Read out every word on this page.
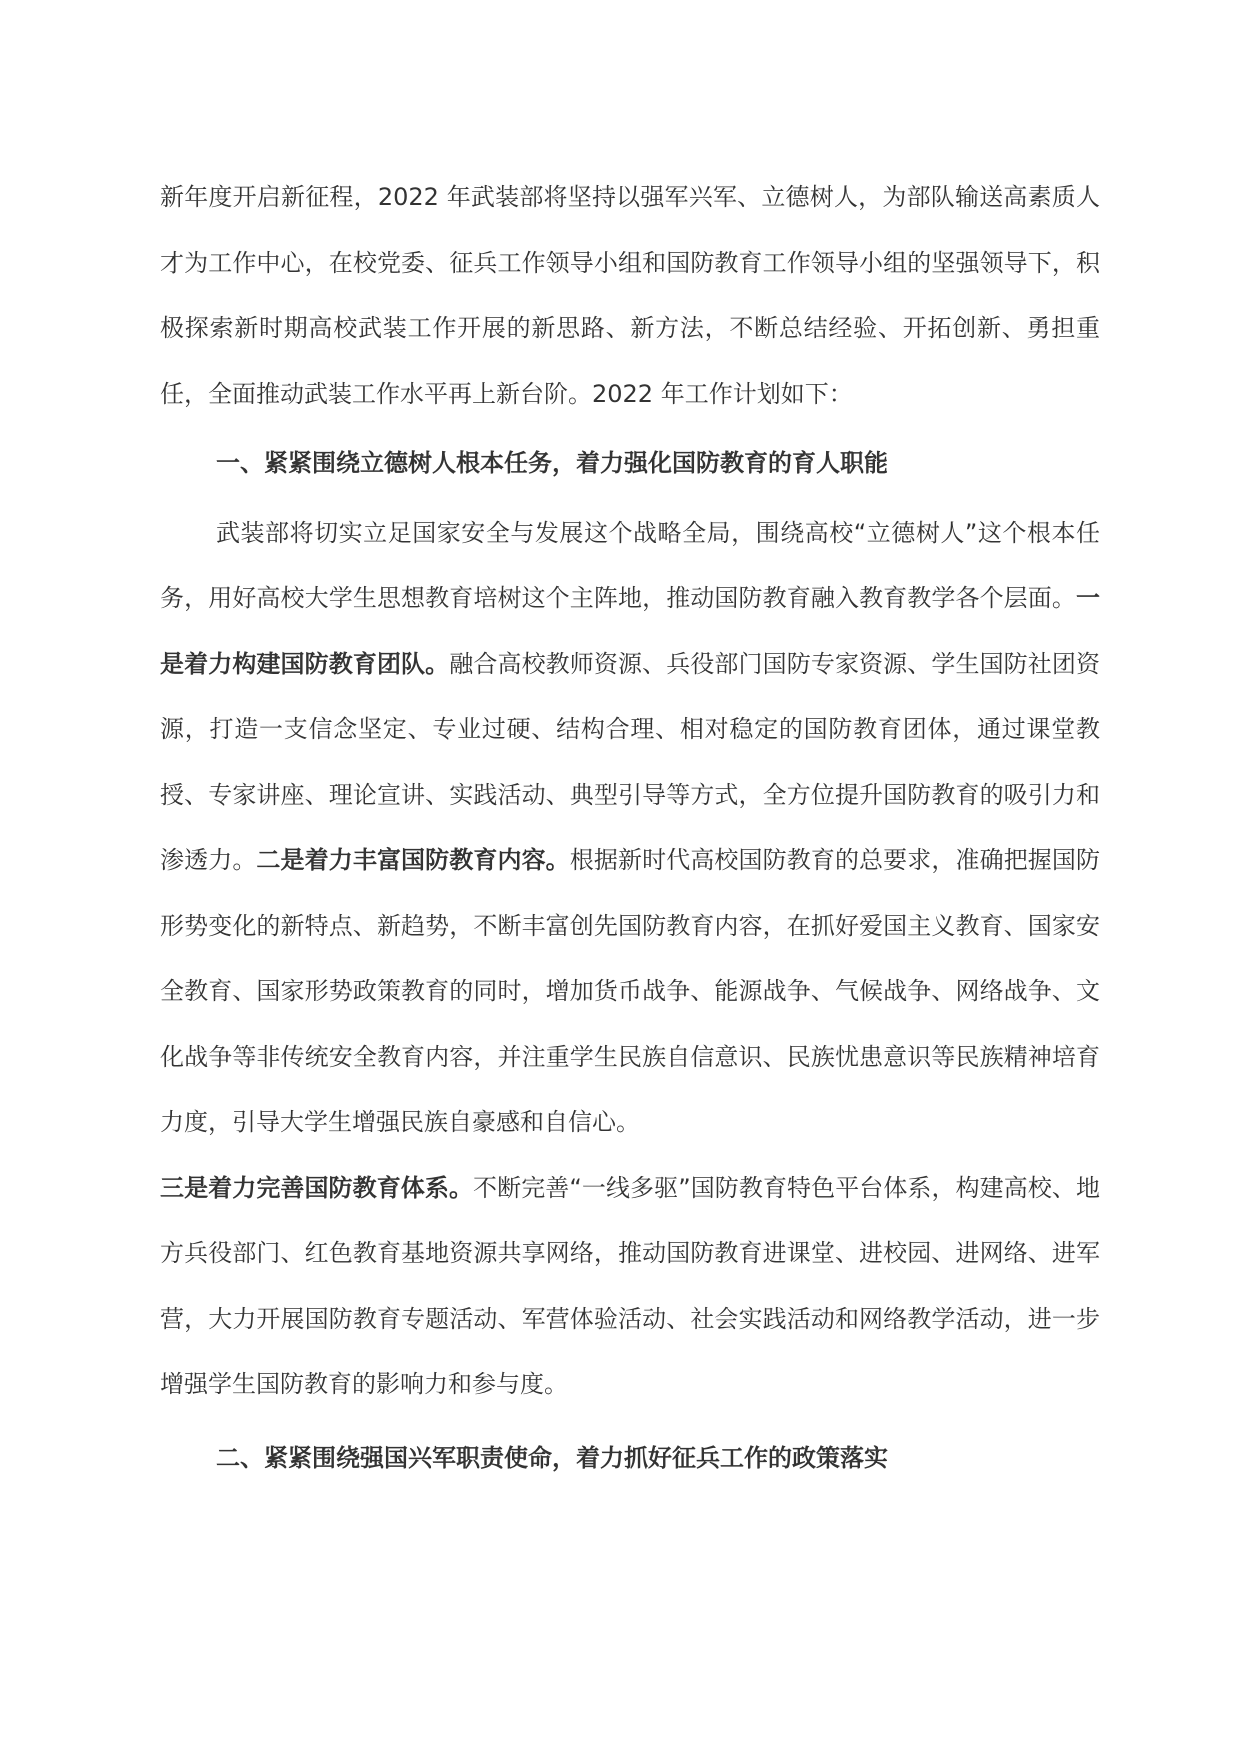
新年度开启新征程，2022 年武装部将坚持以强军兴军、立德树人，为部队输送高素质人才为工作中心，在校党委、征兵工作领导小组和国防教育工作领导小组的坚强领导下，积极探索新时期高校武装工作开展的新思路、新方法，不断总结经验、开拓创新、勇担重任，全面推动武装工作水平再上新台阶。2022 年工作计划如下：

一、紧紧围绕立德树人根本任务，着力强化国防教育的育人职能

武装部将切实立足国家安全与发展这个战略全局，围绕高校“立德树人”这个根本任务，用好高校大学生思想教育培树这个主阵地，推动国防教育融入教育教学各个层面。一是着力构建国防教育团队。融合高校教师资源、兵役部门国防专家资源、学生国防社团资源，打造一支信念坚定、专业过硬、结构合理、相对稳定的国防教育团体，通过课堂教授、专家讲座、理论宣讲、实践活动、典型引导等方式，全方位提升国防教育的吸引力和渗透力。二是着力丰富国防教育内容。根据新时代高校国防教育的总要求，准确把握国防形势变化的新特点、新趋势，不断丰富创先国防教育内容，在抓好爱国主义教育、国家安全教育、国家形势政策教育的同时，增加货币战争、能源战争、气候战争、网络战争、文化战争等非传统安全教育内容，并注重学生民族自信意识、民族忧患意识等民族精神培育力度，引导大学生增强民族自豪感和自信心。

三是着力完善国防教育体系。不断完善“一线多驱”国防教育特色平台体系，构建高校、地方兵役部门、红色教育基地资源共享网络，推动国防教育进课堂、进校园、进网络、进军营，大力开展国防教育专题活动、军营体验活动、社会实践活动和网络教学活动，进一步增强学生国防教育的影响力和参与度。

二、紧紧围绕强国兴军职责使命，着力抓好征兵工作的政策落实
